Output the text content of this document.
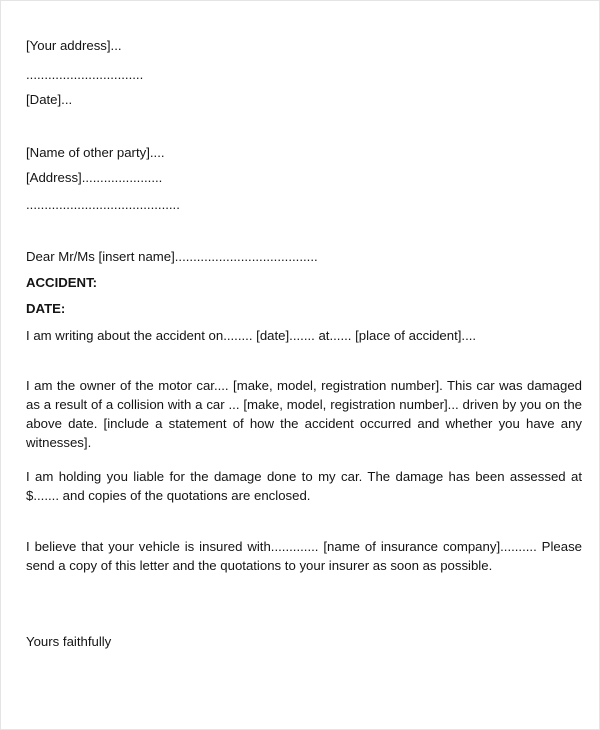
[Your address]...
................................
[Date]...
[Name of other party]....
[Address]......................
..........................................
Dear Mr/Ms [insert name].......................................
ACCIDENT:
DATE:
I am writing about the accident on........ [date]....... at...... [place of accident]....
I am the owner of the motor car.... [make, model, registration number]. This car was damaged as a result of a collision with a car ... [make, model, registration number]... driven by you on the above date. [include a statement of how the accident occurred and whether you have any witnesses].
I am holding you liable for the damage done to my car. The damage has been assessed at $....... and copies of the quotations are enclosed.
I believe that your vehicle is insured with............. [name of insurance company].......... Please send a copy of this letter and the quotations to your insurer as soon as possible.
Yours faithfully
